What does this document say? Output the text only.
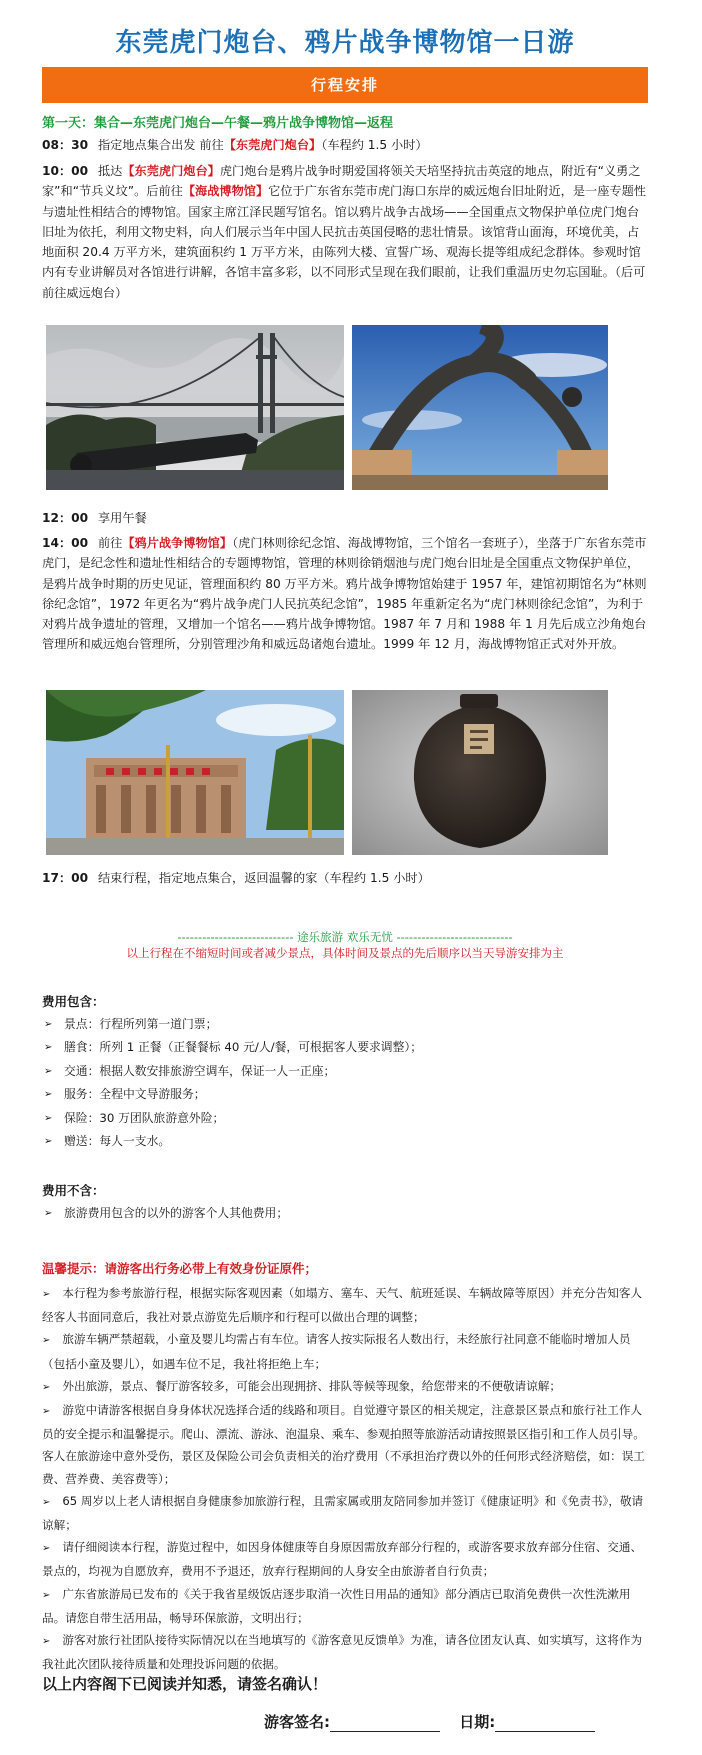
东莞虎门炮台、鸦片战争博物馆一日游
行程安排
第一天：集合—东莞虎门炮台—午餐—鸦片战争博物馆—返程
08：30 指定地点集合出发 前往【东莞虎门炮台】（车程约 1.5 小时）
10：00 抵达【东莞虎门炮台】虎门炮台是鸦片战争时期爱国将领关天培坚持抗击英寇的地点，附近有“义勇之家”和“节兵义坟”。后前往【海战博物馆】它位于广东省东莞市虎门海口东岸的威远炮台旧址附近，是一座专题性与遗址性相结合的博物馆。国家主席江泽民题写馆名。馆以鸦片战争古战场——全国重点文物保护单位虎门炮台旧址为依托，利用文物史料，向人们展示当年中国人民抗击英国侵略的悲壮情景。该馆背山面海，环境优美，占地面积 20.4 万平方米，建筑面积约 1 万平方米，由陈列大楼、宣誓广场、观海长提等组成纪念群体。参观时馆内有专业讲解员对各馆进行讲解，各馆丰富多彩，以不同形式呈现在我们眼前，让我们重温历史勿忘国耻。（后可前往威远炮台）
12：00 享用午餐
14：00 前往【鸦片战争博物馆】（虎门林则徐纪念馆、海战博物馆，三个馆名一套班子），坐落于广东省东莞市虎门，是纪念性和遗址性相结合的专题博物馆，管理的林则徐销烟池与虎门炮台旧址是全国重点文物保护单位，是鸦片战争时期的历史见证，管理面积约 80 万平方米。鸦片战争博物馆始建于 1957 年，建馆初期馆名为“林则徐纪念馆”，1972 年更名为“鸦片战争虎门人民抗英纪念馆”，1985 年重新定名为“虎门林则徐纪念馆”，为利于对鸦片战争遗址的管理，又增加一个馆名——鸦片战争博物馆。1987 年 7 月和 1988 年 1 月先后成立沙角炮台管理所和威远炮台管理所，分别管理沙角和威远岛诸炮台遗址。1999 年 12 月，海战博物馆正式对外开放。
17：00 结束行程，指定地点集合，返回温馨的家（车程约 1.5 小时）
---------------------------- 途乐旅游 欢乐无忧 ----------------------------
以上行程在不缩短时间或者减少景点，具体时间及景点的先后顺序以当天导游安排为主
费用包含：
➢ 景点：行程所列第一道门票；
➢ 膳食：所列 1 正餐（正餐餐标 40 元/人/餐，可根据客人要求调整）；
➢ 交通：根据人数安排旅游空调车，保证一人一正座；
➢ 服务：全程中文导游服务；
➢ 保险：30 万团队旅游意外险；
➢ 赠送：每人一支水。
费用不含：
➢ 旅游费用包含的以外的游客个人其他费用；
温馨提示：请游客出行务必带上有效身份证原件；
➢ 本行程为参考旅游行程，根据实际客观因素（如塌方、塞车、天气、航班延误、车辆故障等原因）并充分告知客人经客人书面同意后，我社对景点游览先后顺序和行程可以做出合理的调整；
➢ 旅游车辆严禁超载，小童及婴儿均需占有车位。请客人按实际报名人数出行，未经旅行社同意不能临时增加人员（包括小童及婴儿），如遇车位不足，我社将拒绝上车；
➢ 外出旅游，景点、餐厅游客较多，可能会出现拥挤、排队等候等现象，给您带来的不便敬请谅解；
➢ 游览中请游客根据自身身体状况选择合适的线路和项目。自觉遵守景区的相关规定，注意景区景点和旅行社工作人员的安全提示和温馨提示。爬山、漂流、游泳、泡温泉、乘车、参观拍照等旅游活动请按照景区指引和工作人员引导。客人在旅游途中意外受伤，景区及保险公司会负责相关的治疗费用（不承担治疗费以外的任何形式经济赔偿，如：误工费、营养费、美容费等）；
➢ 65 周岁以上老人请根据自身健康参加旅游行程，且需家属或朋友陪同参加并签订《健康证明》和《免责书》，敬请谅解；
➢ 请仔细阅读本行程，游览过程中，如因身体健康等自身原因需放弃部分行程的，或游客要求放弃部分住宿、交通、景点的，均视为自愿放弃，费用不予退还，放弃行程期间的人身安全由旅游者自行负责；
➢ 广东省旅游局已发布的《关于我省星级饭店逐步取消一次性日用品的通知》部分酒店已取消免费供一次性洗漱用品。请您自带生活用品，畅导环保旅游，文明出行；
➢ 游客对旅行社团队接待实际情况以在当地填写的《游客意见反馈单》为准，请各位团友认真、如实填写，这将作为我社此次团队接待质量和处理投诉问题的依据。
以上内容阁下已阅读并知悉，请签名确认！
游客签名:	日期:
